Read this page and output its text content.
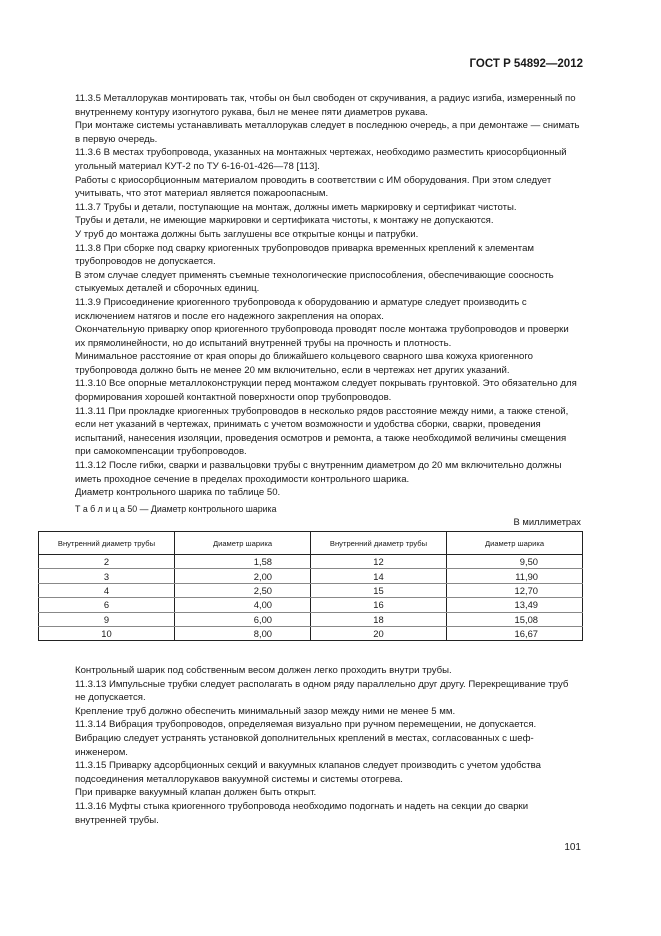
ГОСТ Р 54892—2012

11.3.5 Металлорукав монтировать так, чтобы он был свободен от скручивания, а радиус изгиба, измеренный по внутреннему контуру изогнутого рукава, был не менее пяти диаметров рукава.

При монтаже системы устанавливать металлорукав следует в последнюю очередь, а при демонтаже — снимать в первую очередь.

11.3.6 В местах трубопровода, указанных на монтажных чертежах, необходимо разместить криосорбционный угольный материал КУТ-2 по ТУ 6-16-01-426—78 [113].

Работы с криосорбционным материалом проводить в соответствии с ИМ оборудования. При этом следует учитывать, что этот материал является пожароопасным.

11.3.7 Трубы и детали, поступающие на монтаж, должны иметь маркировку и сертификат чистоты.

Трубы и детали, не имеющие маркировки и сертификата чистоты, к монтажу не допускаются.

У труб до монтажа должны быть заглушены все открытые концы и патрубки.

11.3.8 При сборке под сварку криогенных трубопроводов приварка временных креплений к элементам трубопроводов не допускается.

В этом случае следует применять съемные технологические приспособления, обеспечивающие соосность стыкуемых деталей и сборочных единиц.

11.3.9 Присоединение криогенного трубопровода к оборудованию и арматуре следует производить с исключением натягов и после его надежного закрепления на опорах.

Окончательную приварку опор криогенного трубопровода проводят после монтажа трубопроводов и проверки их прямолинейности, но до испытаний внутренней трубы на прочность и плотность.

Минимальное расстояние от края опоры до ближайшего кольцевого сварного шва кожуха криогенного трубопровода должно быть не менее 20 мм включительно, если в чертежах нет других указаний.

11.3.10 Все опорные металлоконструкции перед монтажом следует покрывать грунтовкой. Это обязательно для формирования хорошей контактной поверхности опор трубопроводов.

11.3.11 При прокладке криогенных трубопроводов в несколько рядов расстояние между ними, а также стеной, если нет указаний в чертежах, принимать с учетом возможности и удобства сборки, сварки, проведения испытаний, нанесения изоляции, проведения осмотров и ремонта, а также необходимой величины смещения при самокомпенсации трубопроводов.

11.3.12 После гибки, сварки и развальцовки трубы с внутренним диаметром до 20 мм включительно должны иметь проходное сечение в пределах проходимости контрольного шарика.

Диаметр контрольного шарика по таблице 50.

Т а б л и ц а 50 — Диаметр контрольного шарика
В миллиметрах
Внутренний диаметр трубы	Диаметр шарика	Внутренний диаметр трубы	Диаметр шарика
2	1,58	12	9,50
3	2,00	14	11,90
4	2,50	15	12,70
6	4,00	16	13,49
9	6,00	18	15,08
10	8,00	20	16,67

Контрольный шарик под собственным весом должен легко проходить внутри трубы.

11.3.13 Импульсные трубки следует располагать в одном ряду параллельно друг другу. Перекрещивание труб не допускается.

Крепление труб должно обеспечить минимальный зазор между ними не менее 5 мм.

11.3.14 Вибрация трубопроводов, определяемая визуально при ручном перемещении, не допускается.

Вибрацию следует устранять установкой дополнительных креплений в местах, согласованных с шеф-инженером.

11.3.15 Приварку адсорбционных секций и вакуумных клапанов следует производить с учетом удобства подсоединения металлорукавов вакуумной системы и системы отогрева.

При приварке вакуумный клапан должен быть открыт.

11.3.16 Муфты стыка криогенного трубопровода необходимо подогнать и надеть на секции до сварки внутренней трубы.

101
